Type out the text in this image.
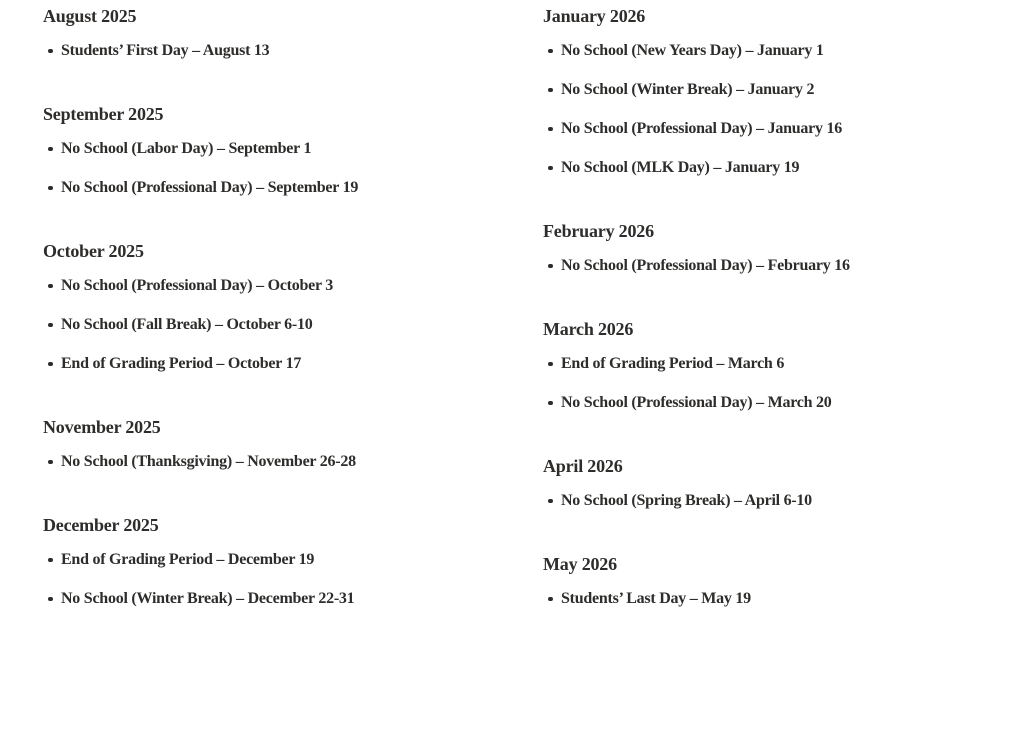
August 2025
Students’ First Day – August 13
September 2025
No School (Labor Day) – September 1
No School (Professional Day) – September 19
October 2025
No School (Professional Day) – October 3
No School (Fall Break) – October 6-10
End of Grading Period – October 17
November 2025
No School (Thanksgiving) – November 26-28
December 2025
End of Grading Period – December 19
No School (Winter Break) – December 22-31
January 2026
No School (New Years Day) – January 1
No School (Winter Break) – January 2
No School (Professional Day) – January 16
No School (MLK Day) – January 19
February 2026
No School (Professional Day) – February 16
March 2026
End of Grading Period – March 6
No School (Professional Day) – March 20
April 2026
No School (Spring Break) – April 6-10
May 2026
Students’ Last Day – May 19
